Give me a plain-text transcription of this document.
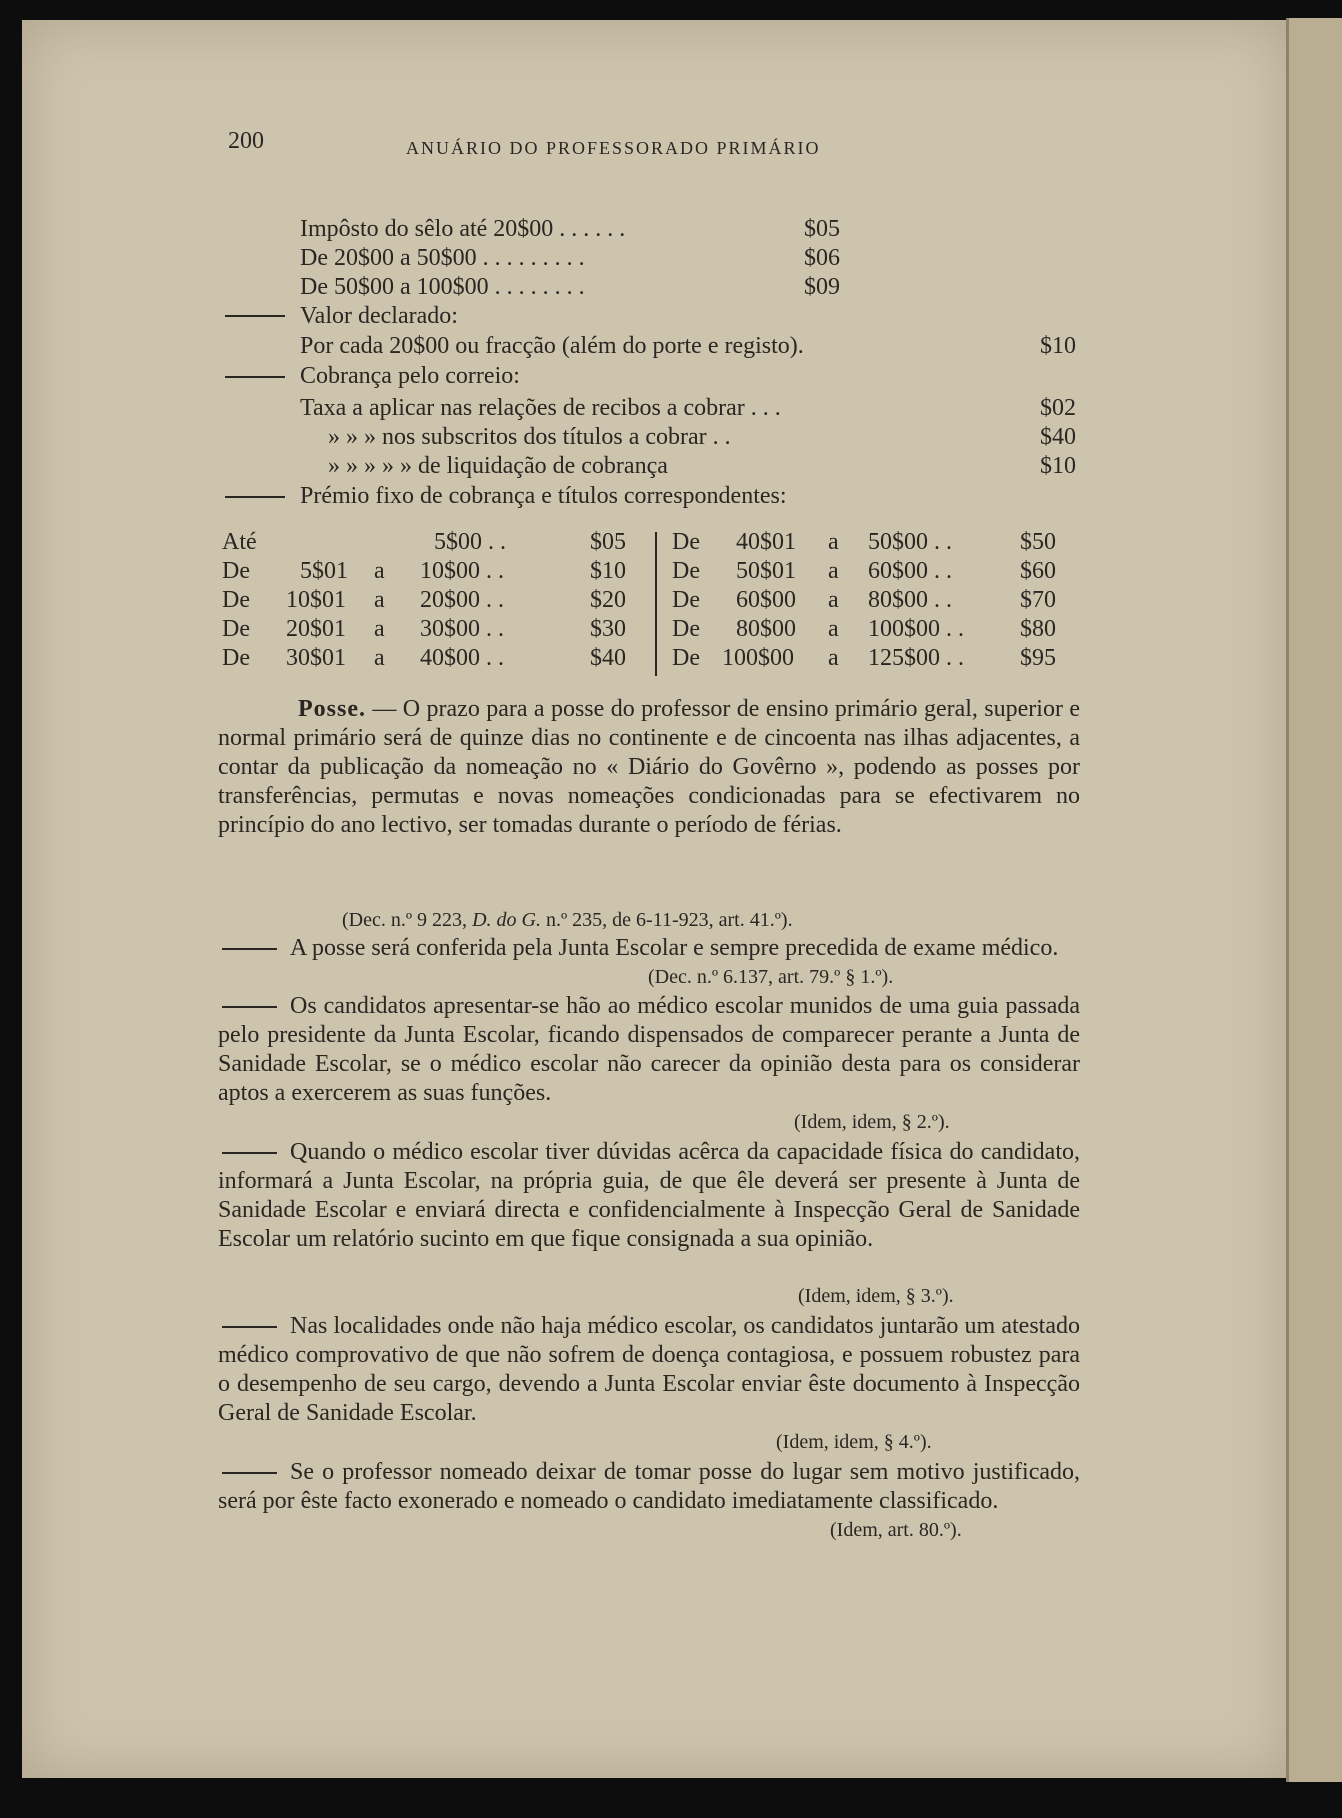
200	ANUÁRIO DO PROFESSORADO PRIMÁRIO
Impôsto do sêlo até 20$00 . . . . . .	$05
De 20$00 a 50$00 . . . . . . . . .	$06
De 50$00 a 100$00 . . . . . . . .	$09
Valor declarado:
Por cada 20$00 ou fracção (além do porte e registo).	$10
Cobrança pelo correio:
Taxa a aplicar nas relações de recibos a cobrar . . .	$02
» » » nos subscritos dos títulos a cobrar . .	$40
» » » » » de liquidação de cobrança	$10
Prémio fixo de cobrança e títulos correspondentes:
Até	5$00 . .	$05
De 5$01 a 10$00 . .	$10
De 10$01 a 20$00 . .	$20
De 20$01 a 30$00 . .	$30
De 30$01 a 40$00 . .	$40
De 40$01 a 50$00 . .	$50
De 50$01 a 60$00 . .	$60
De 60$00 a 80$00 . .	$70
De 80$00 a 100$00 . . $80
De 100$00 a 125$00 . . $95
Posse. — O prazo para a posse do professor de ensino primário geral, superior e normal primário será de quinze dias no continente e de cincoenta nas ilhas adjacentes, a contar da publicação da nomeação no « Diário do Govêrno », podendo as posses por transferências, permutas e novas nomeações condicionadas para se efectivarem no princípio do ano lectivo, ser tomadas durante o período de férias.
(Dec. n.º 9 223, D. do G. n.º 235, de 6-11-923, art. 41.º).
A posse será conferida pela Junta Escolar e sempre precedida de exame médico.
(Dec. n.º 6.137, art. 79.º § 1.º).
Os candidatos apresentar-se hão ao médico escolar munidos de uma guia passada pelo presidente da Junta Escolar, ficando dispensados de comparecer perante a Junta de Sanidade Escolar, se o médico escolar não carecer da opinião desta para os considerar aptos a exercerem as suas funções.
(Idem, idem, § 2.º).
Quando o médico escolar tiver dúvidas acêrca da capacidade física do candidato, informará a Junta Escolar, na própria guia, de que êle deverá ser presente à Junta de Sanidade Escolar e enviará directa e confidencialmente à Inspecção Geral de Sanidade Escolar um relatório sucinto em que fique consignada a sua opinião.
(Idem, idem, § 3.º).
Nas localidades onde não haja médico escolar, os candidatos juntarão um atestado médico comprovativo de que não sofrem de doença contagiosa, e possuem robustez para o desempenho de seu cargo, devendo a Junta Escolar enviar êste documento à Inspecção Geral de Sanidade Escolar.
(Idem, idem, § 4.º).
Se o professor nomeado deixar de tomar posse do lugar sem motivo justificado, será por êste facto exonerado e nomeado o candidato imediatamente classificado.
(Idem, art. 80.º).
